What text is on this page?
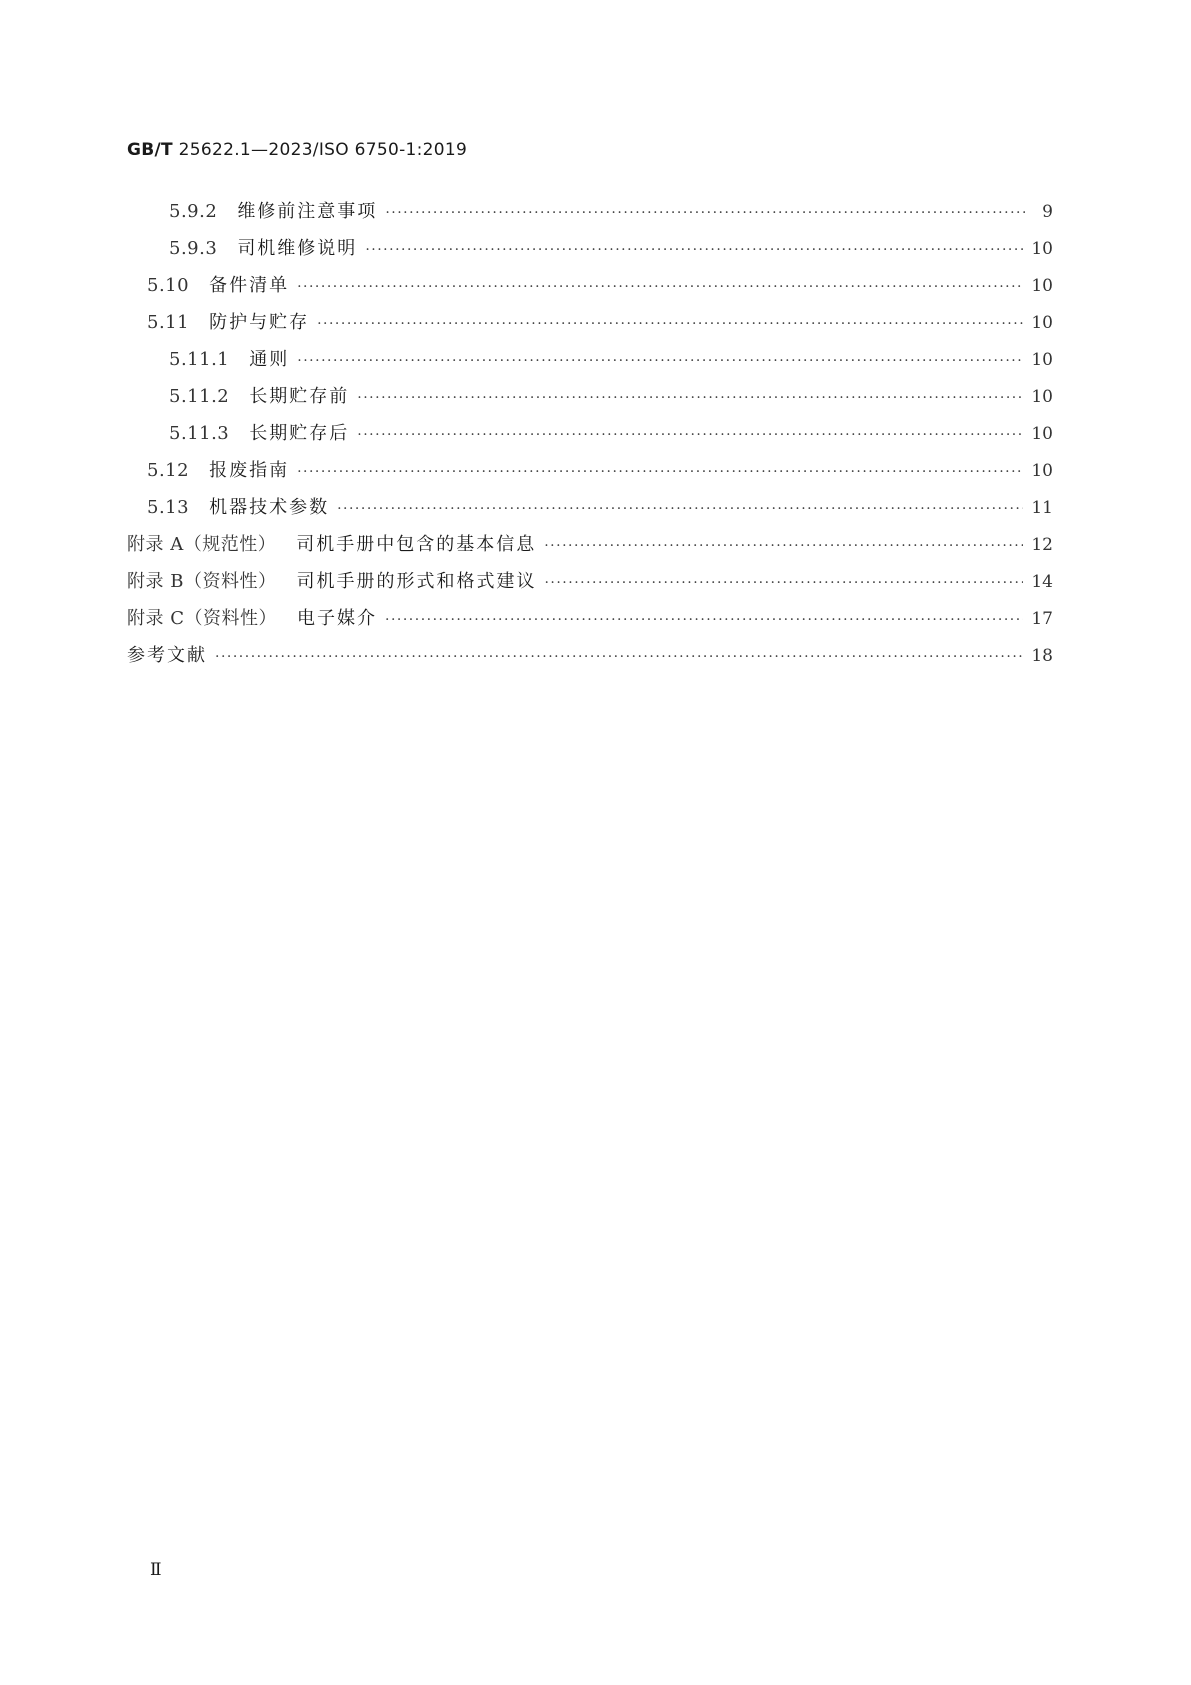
GB/T 25622.1—2023/ISO 6750-1:2019
5.9.2 维修前注意事项 ·····	9
5.9.3 司机维修说明 ·····	10
5.10 备件清单 ·····	10
5.11 防护与贮存 ·····	10
5.11.1 通则 ·····	10
5.11.2 长期贮存前 ·····	10
5.11.3 长期贮存后 ·····	10
5.12 报废指南 ·····	10
5.13 机器技术参数 ·····	11
附录 A（规范性） 司机手册中包含的基本信息 ·····	12
附录 B（资料性） 司机手册的形式和格式建议 ·····	14
附录 C（资料性） 电子媒介 ·····	17
参考文献 ·····	18
Ⅱ
